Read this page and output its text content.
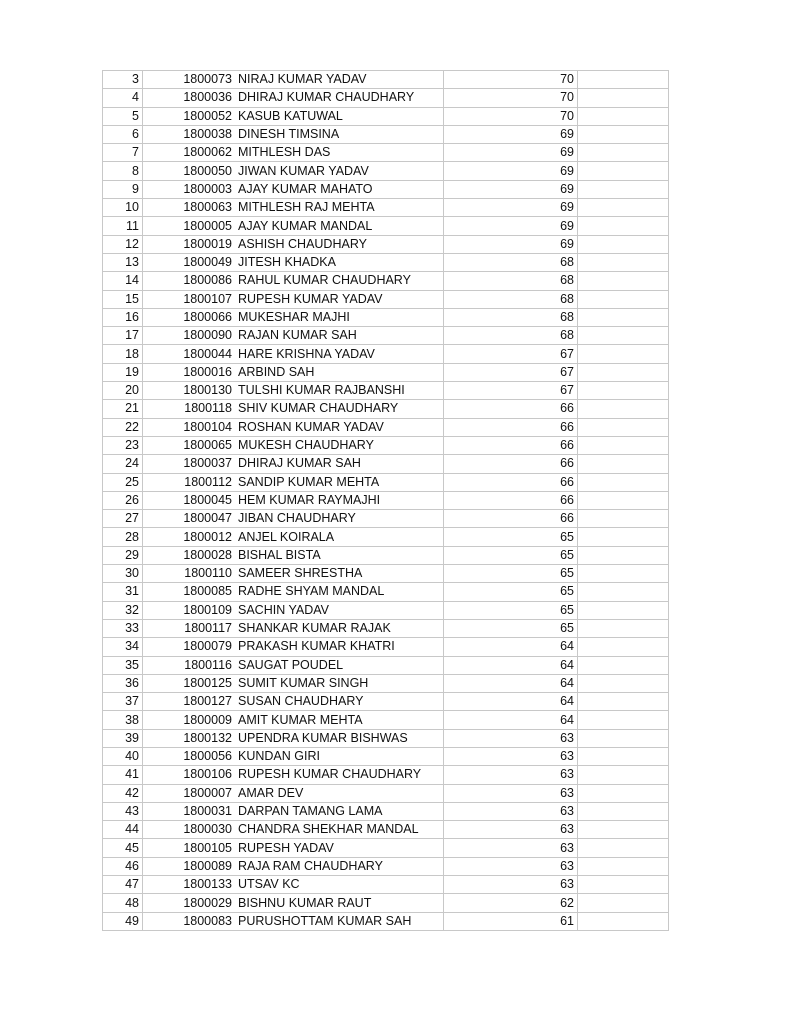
3	1800073	NIRAJ KUMAR YADAV	70	
4	1800036	DHIRAJ KUMAR CHAUDHARY	70	
5	1800052	KASUB KATUWAL	70	
6	1800038	DINESH TIMSINA	69	
7	1800062	MITHLESH DAS	69	
8	1800050	JIWAN KUMAR YADAV	69	
9	1800003	AJAY KUMAR MAHATO	69	
10	1800063	MITHLESH RAJ MEHTA	69	
11	1800005	AJAY KUMAR MANDAL	69	
12	1800019	ASHISH CHAUDHARY	69	
13	1800049	JITESH KHADKA	68	
14	1800086	RAHUL KUMAR CHAUDHARY	68	
15	1800107	RUPESH KUMAR YADAV	68	
16	1800066	MUKESHAR MAJHI	68	
17	1800090	RAJAN KUMAR SAH	68	
18	1800044	HARE KRISHNA YADAV	67	
19	1800016	ARBIND SAH	67	
20	1800130	TULSHI KUMAR RAJBANSHI	67	
21	1800118	SHIV KUMAR CHAUDHARY	66	
22	1800104	ROSHAN KUMAR YADAV	66	
23	1800065	MUKESH CHAUDHARY	66	
24	1800037	DHIRAJ KUMAR SAH	66	
25	1800112	SANDIP KUMAR MEHTA	66	
26	1800045	HEM KUMAR RAYMAJHI	66	
27	1800047	JIBAN CHAUDHARY	66	
28	1800012	ANJEL KOIRALA	65	
29	1800028	BISHAL BISTA	65	
30	1800110	SAMEER SHRESTHA	65	
31	1800085	RADHE SHYAM MANDAL	65	
32	1800109	SACHIN YADAV	65	
33	1800117	SHANKAR KUMAR RAJAK	65	
34	1800079	PRAKASH KUMAR KHATRI	64	
35	1800116	SAUGAT POUDEL	64	
36	1800125	SUMIT KUMAR SINGH	64	
37	1800127	SUSAN CHAUDHARY	64	
38	1800009	AMIT KUMAR MEHTA	64	
39	1800132	UPENDRA KUMAR BISHWAS	63	
40	1800056	KUNDAN GIRI	63	
41	1800106	RUPESH KUMAR CHAUDHARY	63	
42	1800007	AMAR DEV	63	
43	1800031	DARPAN TAMANG LAMA	63	
44	1800030	CHANDRA SHEKHAR MANDAL	63	
45	1800105	RUPESH YADAV	63	
46	1800089	RAJA RAM CHAUDHARY	63	
47	1800133	UTSAV KC	63	
48	1800029	BISHNU KUMAR RAUT	62	
49	1800083	PURUSHOTTAM KUMAR SAH	61	
